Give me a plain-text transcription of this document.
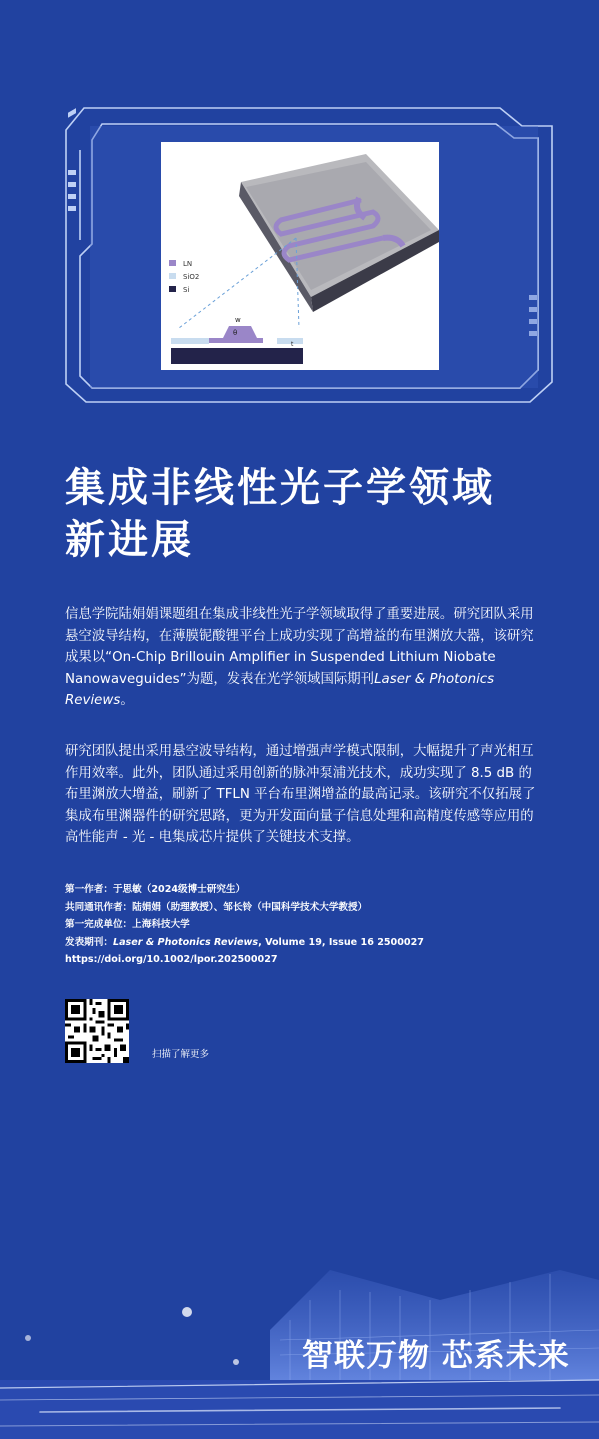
LN
SiO2
Si
w
θ
t
集成非线性光子学领域
新进展

信息学院陆娟娟课题组在集成非线性光子学领域取得了重要进展。研究团队采用悬空波导结构，在薄膜铌酸锂平台上成功实现了高增益的布里渊放大器，该研究成果以“On-Chip Brillouin Amplifier in Suspended Lithium Niobate Nanowaveguides”为题，发表在光学领域国际期刊Laser & Photonics Reviews。

研究团队提出采用悬空波导结构，通过增强声学模式限制，大幅提升了声光相互作用效率。此外，团队通过采用创新的脉冲泵浦光技术，成功实现了 8.5 dB 的布里渊放大增益，刷新了 TFLN 平台布里渊增益的最高记录。该研究不仅拓展了集成布里渊器件的研究思路，更为开发面向量子信息处理和高精度传感等应用的高性能声 - 光 - 电集成芯片提供了关键技术支撑。

第一作者：于思敏（2024级博士研究生）
共同通讯作者：陆娟娟（助理教授）、邹长铃（中国科学技术大学教授）
第一完成单位：上海科技大学
发表期刊：Laser & Photonics Reviews, Volume 19, Issue 16 2500027
https://doi.org/10.1002/lpor.202500027
扫描了解更多
智联万物 芯系未来
